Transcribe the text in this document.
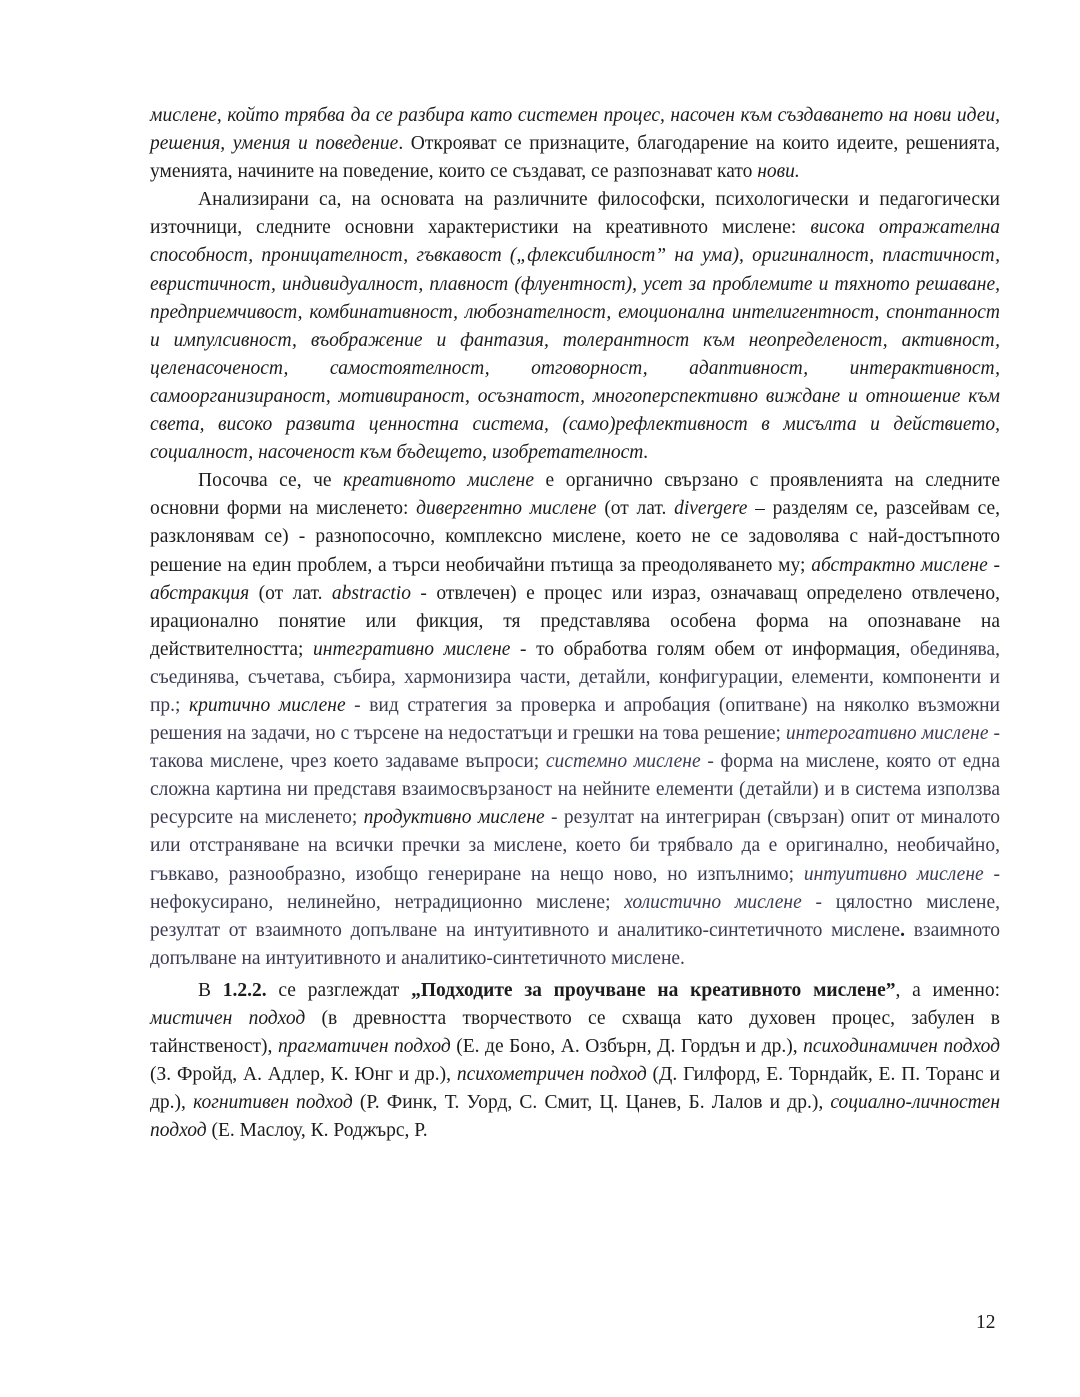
мислене, който трябва да се разбира като системен процес, насочен към създаването на нови идеи, решения, умения и поведение. Открояват се признаците, благодарение на които идеите, решенията, уменията, начините на поведение, които се създават, се разпознават като нови.

Анализирани са, на основата на различните философски, психологически и педагогически източници, следните основни характеристики на креативното мислене: висока отражателна способност, проницателност, гъвкавост („флексибилност” на ума), оригиналност, пластичност, евристичност, индивидуалност, плавност (флуентност), усет за проблемите и тяхното решаване, предприемчивост, комбинативност, любознателност, емоционална интелигентност, спонтанност и импулсивност, въображение и фантазия, толерантност към неопределеност, активност, целенасоченост, самостоятелност, отговорност, адаптивност, интерактивност, самоорганизираност, мотивираност, осъзнатост, многоперспективно виждане и отношение към света, високо развита ценностна система, (само)рефлективност в мисълта и действието, социалност, насоченост към бъдещето, изобретателност.

Посочва се, че креативното мислене е органично свързано с проявленията на следните основни форми на мисленето: дивергентно мислене (от лат. divergere – разделям се, разсейвам се, разклонявам се) - разнопосочно, комплексно мислене, което не се задоволява с най-достъпното решение на един проблем, а търси необичайни пътища за преодоляването му; абстрактно мислене - абстракция (от лат. abstractio - отвлечен) е процес или израз, означаващ определено отвлечено, ирационално понятие или фикция, тя представлява особена форма на опознаване на действителността; интегративно мислене - то обработва голям обем от информация, обединява, съединява, съчетава, събира, хармонизира части, детайли, конфигурации, елементи, компоненти и пр.; критично мислене - вид стратегия за проверка и апробация (опитване) на няколко възможни решения на задачи, но с търсене на недостатъци и грешки на това решение; интерогативно мислене - такова мислене, чрез което задаваме въпроси; системно мислене - форма на мислене, която от една сложна картина ни представя взаимосвързаност на нейните елементи (детайли) и в система използва ресурсите на мисленето; продуктивно мислене - резултат на интегриран (свързан) опит от миналото или отстраняване на всички пречки за мислене, което би трябвало да е оригинално, необичайно, гъвкаво, разнообразно, изобщо генериране на нещо ново, но изпълнимо; интуитивно мислене - нефокусирано, нелинейно, нетрадиционно мислене; холистично мислене - цялостно мислене, резултат от взаимното допълване на интуитивното и аналитико-синтетичното мислене. взаимното допълване на интуитивното и аналитико-синтетичното мислене.

В 1.2.2. се разглеждат „Подходите за проучване на креативното мислене”, а именно: мистичен подход (в древността творчеството се схваща като духовен процес, забулен в тайнственост), прагматичен подход (Е. де Боно, А. Озбърн, Д. Гордън и др.), психодинамичен подход (З. Фройд, А. Адлер, К. Юнг и др.), психометричен подход (Д. Гилфорд, Е. Торндайк, Е. П. Торанс и др.), когнитивен подход (Р. Финк, Т. Уорд, С. Смит, Ц. Цанев, Б. Лалов и др.), социално-личностен подход (Е. Маслоу, К. Роджърс, Р.

12
